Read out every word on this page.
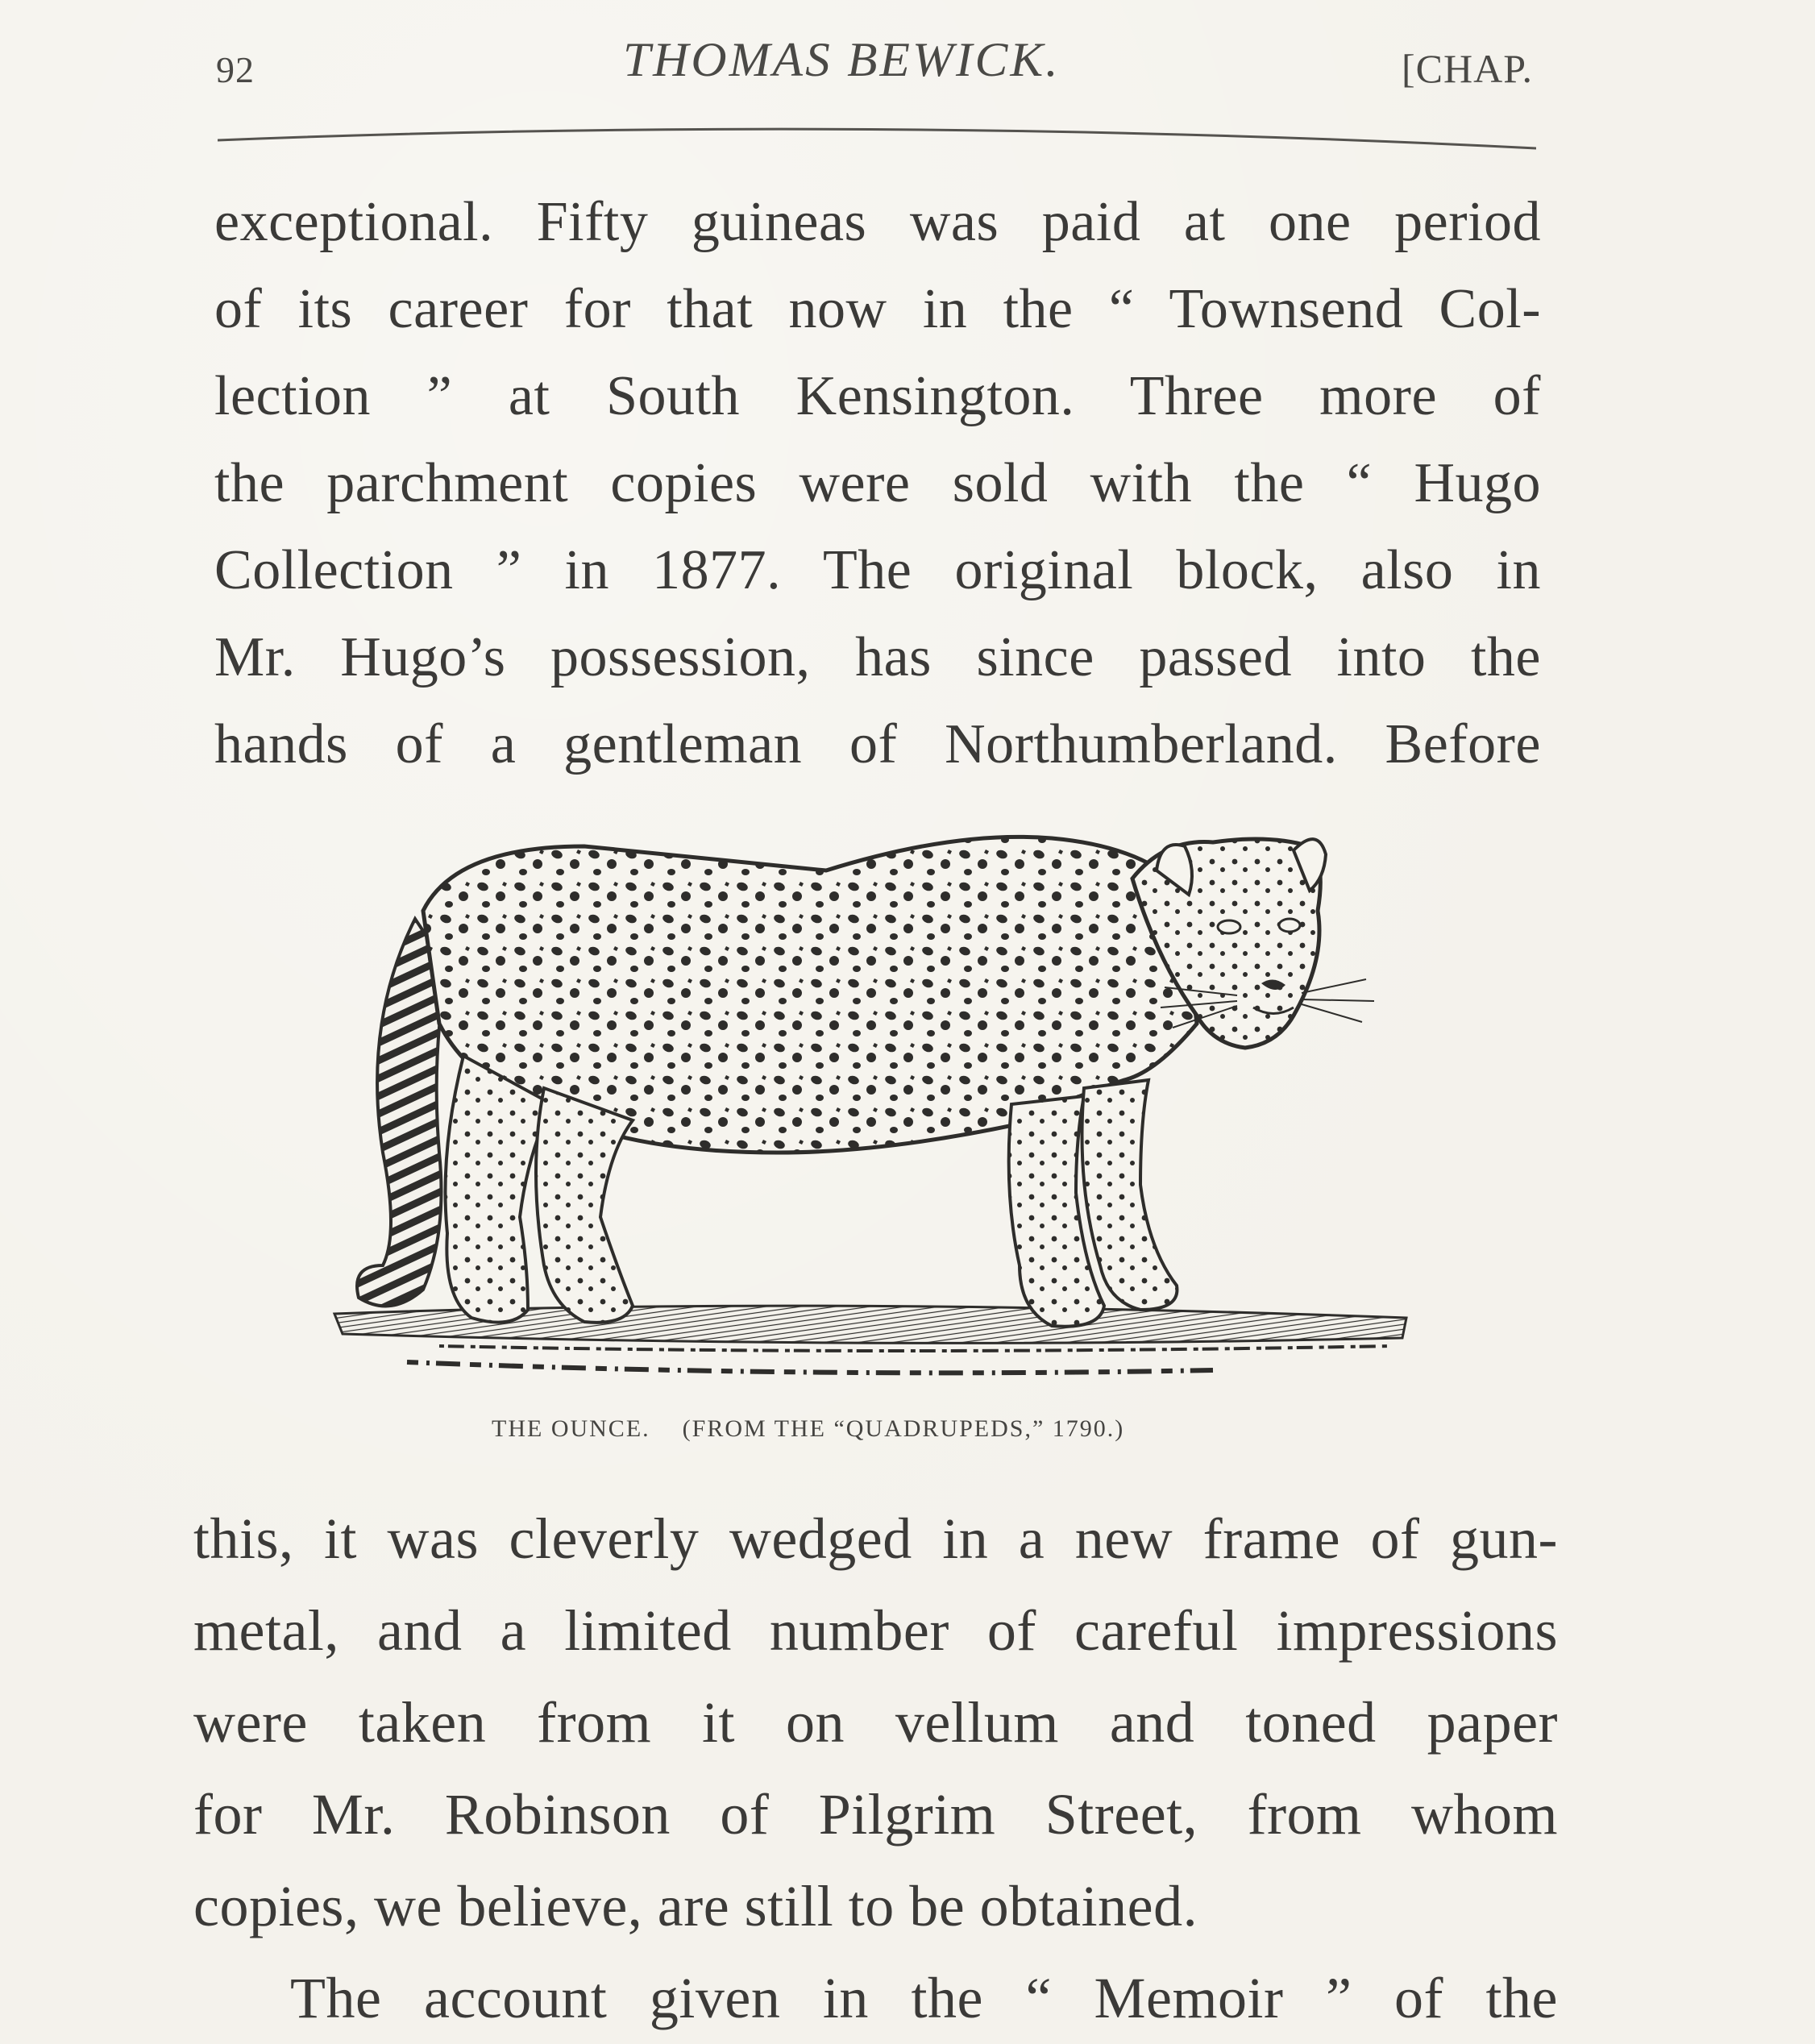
92	THOMAS BEWICK.	[CHAP.
exceptional. Fifty guineas was paid at one period
of its career for that now in the “ Townsend Col-
lection ” at South Kensington. Three more of
the parchment copies were sold with the “ Hugo
Collection ” in 1877. The original block, also in
Mr. Hugo’s possession, has since passed into the
hands of a gentleman of Northumberland. Before
THE OUNCE. (FROM THE “QUADRUPEDS,” 1790.)
this, it was cleverly wedged in a new frame of gun-
metal, and a limited number of careful impressions
were taken from it on vellum and toned paper
for Mr. Robinson of Pilgrim Street, from whom
copies, we believe, are still to be obtained.
The account given in the “ Memoir ” of the
